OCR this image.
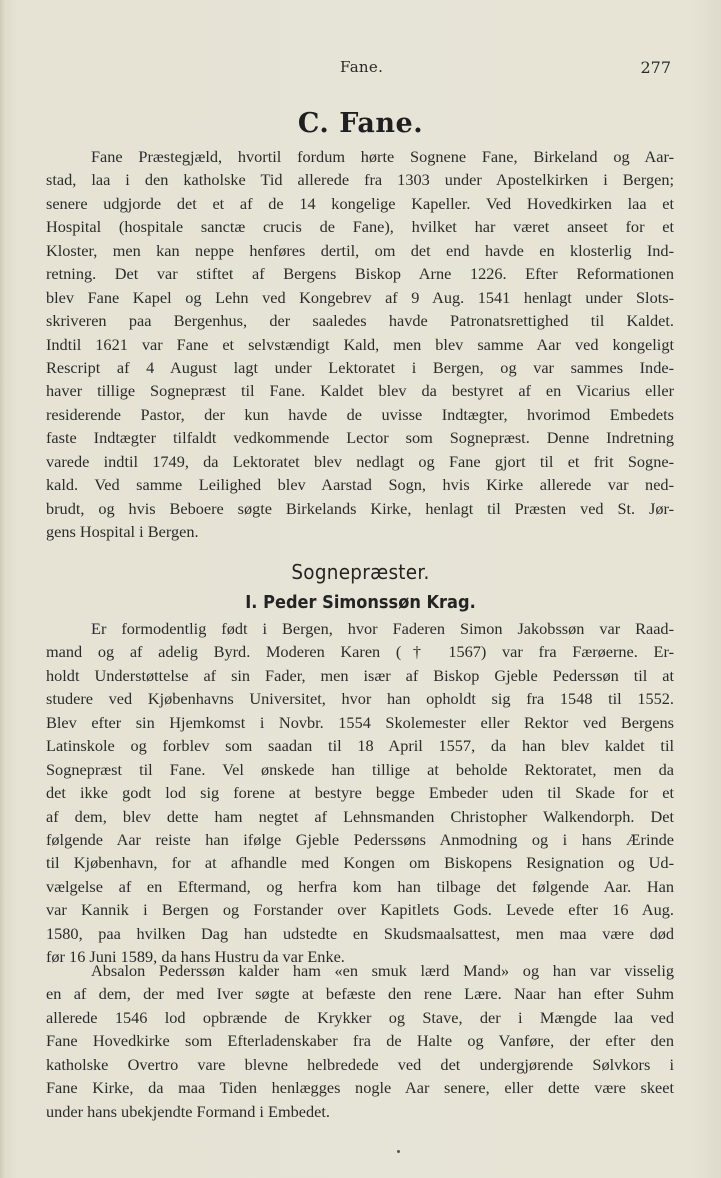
Fane.	277
C. Fane.
Fane Præstegjæld, hvortil fordum hørte Sognene Fane, Birkeland og Aar-
stad, laa i den katholske Tid allerede fra 1303 under Apostelkirken i Bergen;
senere udgjorde det et af de 14 kongelige Kapeller. Ved Hovedkirken laa et
Hospital (hospitale sanctæ crucis de Fane), hvilket har været anseet for et
Kloster, men kan neppe henføres dertil, om det end havde en klosterlig Ind-
retning. Det var stiftet af Bergens Biskop Arne 1226. Efter Reformationen
blev Fane Kapel og Lehn ved Kongebrev af 9 Aug. 1541 henlagt under Slots-
skriveren paa Bergenhus, der saaledes havde Patronatsrettighed til Kaldet.
Indtil 1621 var Fane et selvstændigt Kald, men blev samme Aar ved kongeligt
Rescript af 4 August lagt under Lektoratet i Bergen, og var sammes Inde-
haver tillige Sognepræst til Fane. Kaldet blev da bestyret af en Vicarius eller
residerende Pastor, der kun havde de uvisse Indtægter, hvorimod Embedets
faste Indtægter tilfaldt vedkommende Lector som Sognepræst. Denne Indretning
varede indtil 1749, da Lektoratet blev nedlagt og Fane gjort til et frit Sogne-
kald. Ved samme Leilighed blev Aarstad Sogn, hvis Kirke allerede var ned-
brudt, og hvis Beboere søgte Birkelands Kirke, henlagt til Præsten ved St. Jør-
gens Hospital i Bergen.
Sognepræster.
I. Peder Simonssøn Krag.
Er formodentlig født i Bergen, hvor Faderen Simon Jakobssøn var Raad-
mand og af adelig Byrd. Moderen Karen († 1567) var fra Færøerne. Er-
holdt Understøttelse af sin Fader, men især af Biskop Gjeble Pederssøn til at
studere ved Kjøbenhavns Universitet, hvor han opholdt sig fra 1548 til 1552.
Blev efter sin Hjemkomst i Novbr. 1554 Skolemester eller Rektor ved Bergens
Latinskole og forblev som saadan til 18 April 1557, da han blev kaldet til
Sognepræst til Fane. Vel ønskede han tillige at beholde Rektoratet, men da
det ikke godt lod sig forene at bestyre begge Embeder uden til Skade for et
af dem, blev dette ham negtet af Lehnsmanden Christopher Walkendorph. Det
følgende Aar reiste han ifølge Gjeble Pederssøns Anmodning og i hans Ærinde
til Kjøbenhavn, for at afhandle med Kongen om Biskopens Resignation og Ud-
vælgelse af en Eftermand, og herfra kom han tilbage det følgende Aar. Han
var Kannik i Bergen og Forstander over Kapitlets Gods. Levede efter 16 Aug.
1580, paa hvilken Dag han udstedte en Skudsmaalsattest, men maa være død
før 16 Juni 1589, da hans Hustru da var Enke.
Absalon Pederssøn kalder ham «en smuk lærd Mand» og han var visselig
en af dem, der med Iver søgte at befæste den rene Lære. Naar han efter Suhm
allerede 1546 lod opbrænde de Krykker og Stave, der i Mængde laa ved
Fane Hovedkirke som Efterladenskaber fra de Halte og Vanføre, der efter den
katholske Overtro vare blevne helbredede ved det undergjørende Sølvkors i
Fane Kirke, da maa Tiden henlægges nogle Aar senere, eller dette være skeet
under hans ubekjendte Formand i Embedet.
